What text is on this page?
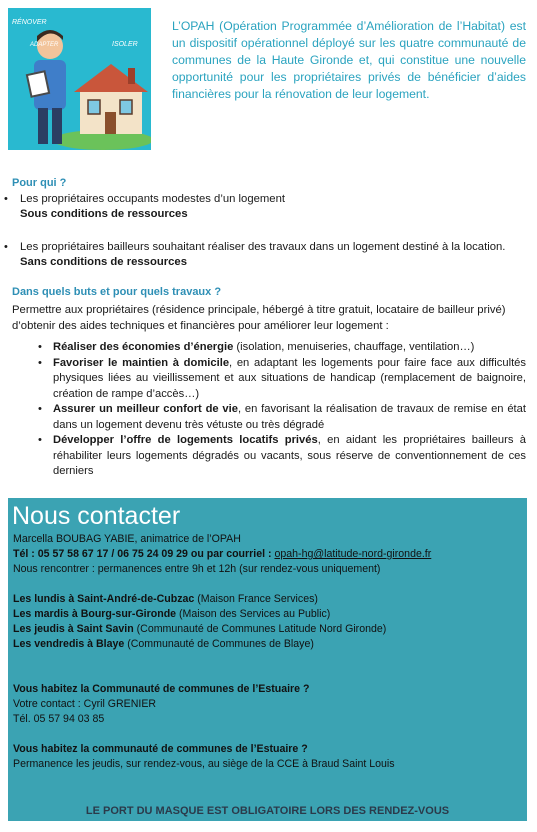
RÉNOVER
ADAPTER	ISOLER
L’OPAH (Opération Programmée d’Amélioration de l’Habitat) est un dispositif opérationnel déployé sur les quatre communauté de communes de la Haute Gironde et, qui constitue une nouvelle opportunité pour les propriétaires privés de bénéficier d’aides financières pour la rénovation de leur logement.
Pour qui ?
• Les propriétaires occupants modestes d’un logement
Sous conditions de ressources
• Les propriétaires bailleurs souhaitant réaliser des travaux dans un logement destiné à la location.
Sans conditions de ressources
Dans quels buts et pour quels travaux ?
Permettre aux propriétaires (résidence principale, hébergé à titre gratuit, locataire de bailleur privé) d’obtenir des aides techniques et financières pour améliorer leur logement :
• Réaliser des économies d’énergie (isolation, menuiseries, chauffage, ventilation…)
• Favoriser le maintien à domicile, en adaptant les logements pour faire face aux difficultés physiques liées au vieillissement et aux situations de handicap (remplacement de baignoire, création de rampe d’accès…)
• Assurer un meilleur confort de vie, en favorisant la réalisation de travaux de remise en état dans un logement devenu très vétuste ou très dégradé
• Développer l’offre de logements locatifs privés, en aidant les propriétaires bailleurs à réhabiliter leurs logements dégradés ou vacants, sous réserve de conventionnement de ces derniers
Nous contacter
Marcella BOUBAG YABIE, animatrice de l’OPAH
Tél : 05 57 58 67 17 / 06 75 24 09 29 ou par courriel : opah-hg@latitude-nord-gironde.fr
Nous rencontrer : permanences entre 9h et 12h (sur rendez-vous uniquement)
Les lundis à Saint-André-de-Cubzac (Maison France Services)
Les mardis à Bourg-sur-Gironde (Maison des Services au Public)
Les jeudis à Saint Savin (Communauté de Communes Latitude Nord Gironde)
Les vendredis à Blaye (Communauté de Communes de Blaye)
Vous habitez la Communauté de communes de l’Estuaire ?
Votre contact : Cyril GRENIER
Tél. 05 57 94 03 85
Vous habitez la communauté de communes de l’Estuaire ?
Permanence les jeudis, sur rendez-vous, au siège de la CCE à Braud Saint Louis
LE PORT DU MASQUE EST OBLIGATOIRE LORS DES RENDEZ-VOUS
